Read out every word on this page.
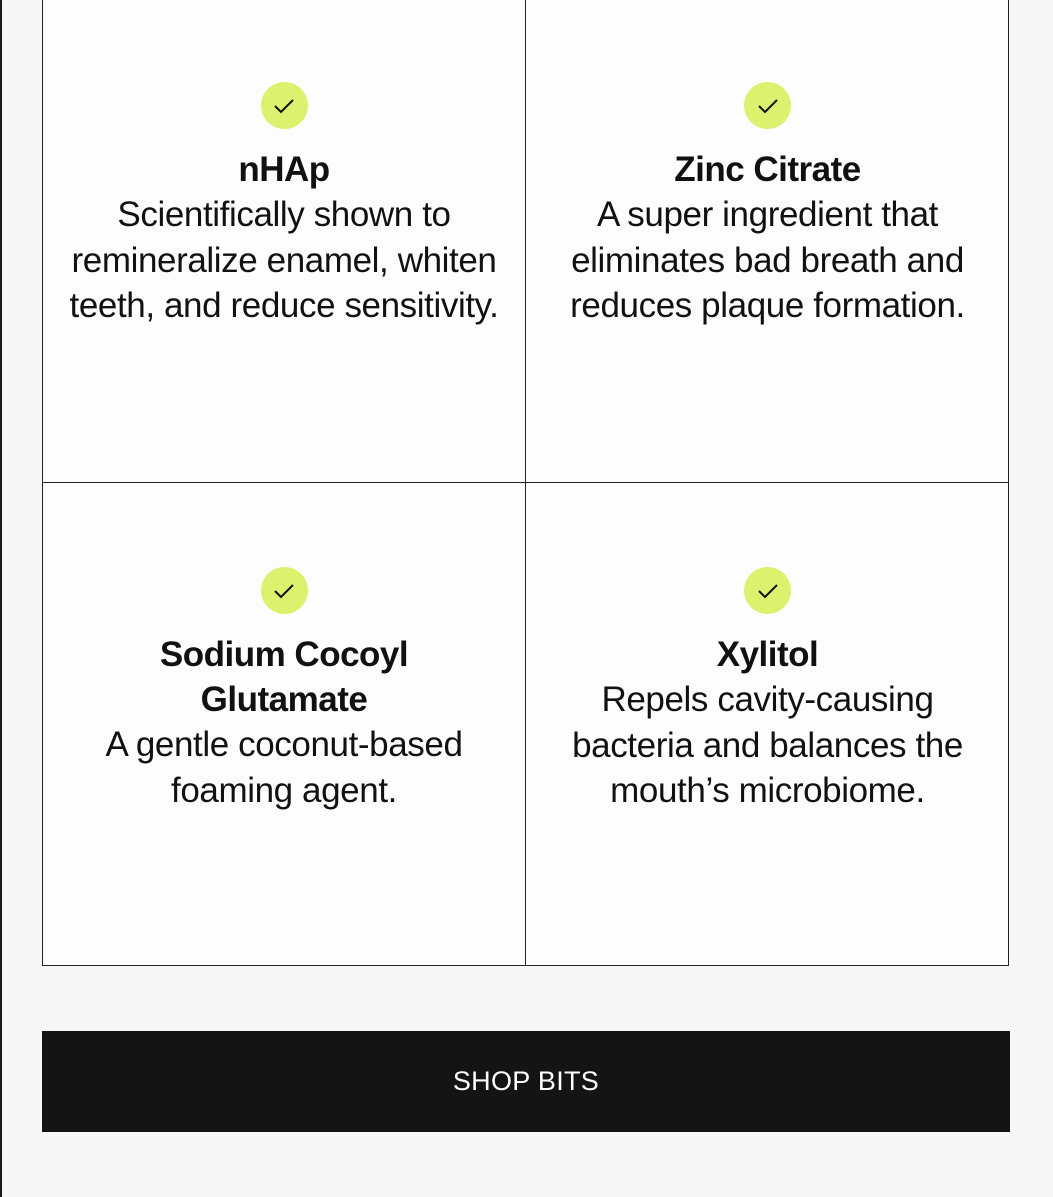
nHAp
Scientifically shown to remineralize enamel, whiten teeth, and reduce sensitivity.
Zinc Citrate
A super ingredient that eliminates bad breath and reduces plaque formation.
Sodium Cocoyl Glutamate
A gentle coconut-based foaming agent.
Xylitol
Repels cavity-causing bacteria and balances the mouth’s microbiome.
SHOP BITS
